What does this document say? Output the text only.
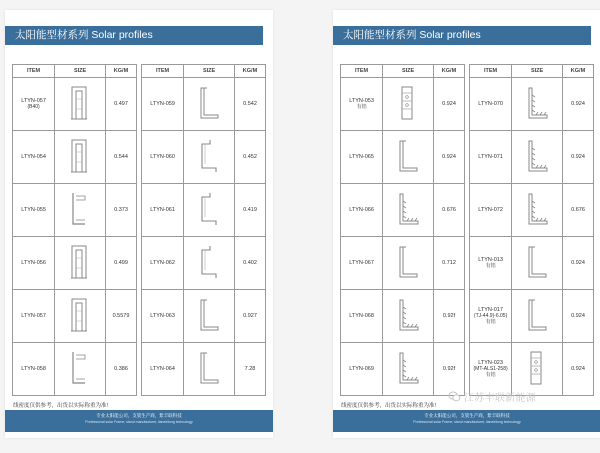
太阳能型材系列 Solar profiles
ITEM	SIZE	KG/M

LTYN-057
(B40)		0.497

LTYN-054		0.544

LTYN-055		0.373

LTYN-056		0.499

LTYN-057		0.5579

LTYN-058		0.386
ITEM	SIZE	KG/M

LTYN-059		0.542

LTYN-060		0.452

LTYN-061		0.419

LTYN-062		0.402

LTYN-063		0.927

LTYN-064		7.28
线密度仅供参考，出货以实际称重为准!
专业太阳能公司，支架生产商，紫丰联科技
Professional solar Frame, stand manufacturer, lianzhitong technology
太阳能型材系列 Solar profiles
ITEM	SIZE	KG/M

LTYN-053
有铝		0.924

LTYN-065		0.924

LTYN-066		0.676

LTYN-067		0.712

LTYN-068		0.92f

LTYN-069		0.92f
ITEM	SIZE	KG/M

LTYN-070		0.924

LTYN-071		0.924

LTYN-072		0.676

LTYN-013
有铝		0.924

LTYN-017
(TJ-44.9)-6.05)
有铝		0.924

LTYN-023
(MT-ALS1-258)
有铝		0.924
线密度仅供参考，出货以实际称重为准!
专业太阳能公司，支架生产商，紫丰联科技
Professional solar Frame, stand manufacturer, lianzhitong technology
江苏丰联新能源
